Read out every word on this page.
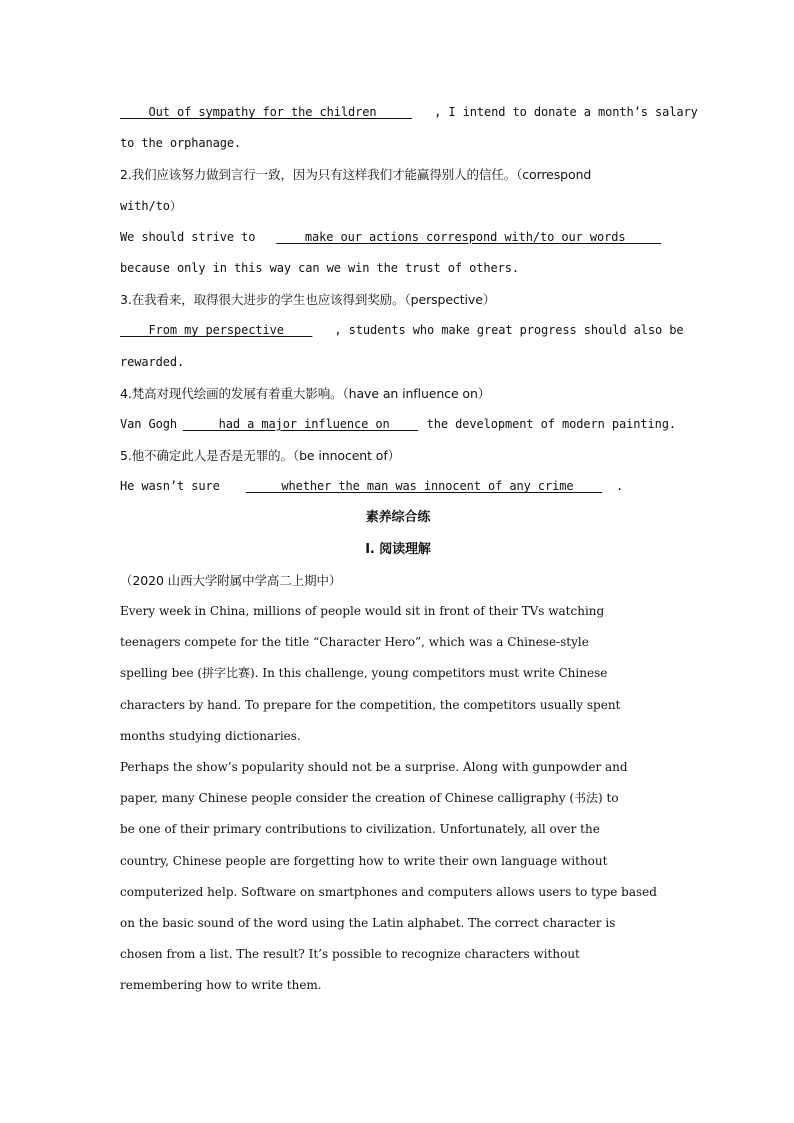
Out of sympathy for the children	, I intend to donate a month’s salary
to the orphanage.
2.我们应该努力做到言行一致，因为只有这样我们才能赢得别人的信任。（correspond
with/to）
We should strive to	make our actions correspond with/to our words
because only in this way can we win the trust of others.
3.在我看来，取得很大进步的学生也应该得到奖励。（perspective）
From my perspective	, students who make great progress should also be
rewarded.
4.梵高对现代绘画的发展有着重大影响。（have an influence on）
Van Gogh	had a major influence on	the development of modern painting.
5.他不确定此人是否是无罪的。（be innocent of）
He wasn’t sure	whether the man was innocent of any crime	.
素养综合练
Ⅰ. 阅读理解
（2020 山西大学附属中学高二上期中）
Every week in China, millions of people would sit in front of their TVs watching
teenagers compete for the title “Character Hero”, which was a Chinese-style
spelling bee (拼字比赛). In this challenge, young competitors must write Chinese
characters by hand. To prepare for the competition, the competitors usually spent
months studying dictionaries.
Perhaps the show’s popularity should not be a surprise. Along with gunpowder and
paper, many Chinese people consider the creation of Chinese calligraphy (书法) to
be one of their primary contributions to civilization. Unfortunately, all over the
country, Chinese people are forgetting how to write their own language without
computerized help. Software on smartphones and computers allows users to type based
on the basic sound of the word using the Latin alphabet. The correct character is
chosen from a list. The result? It’s possible to recognize characters without
remembering how to write them.
